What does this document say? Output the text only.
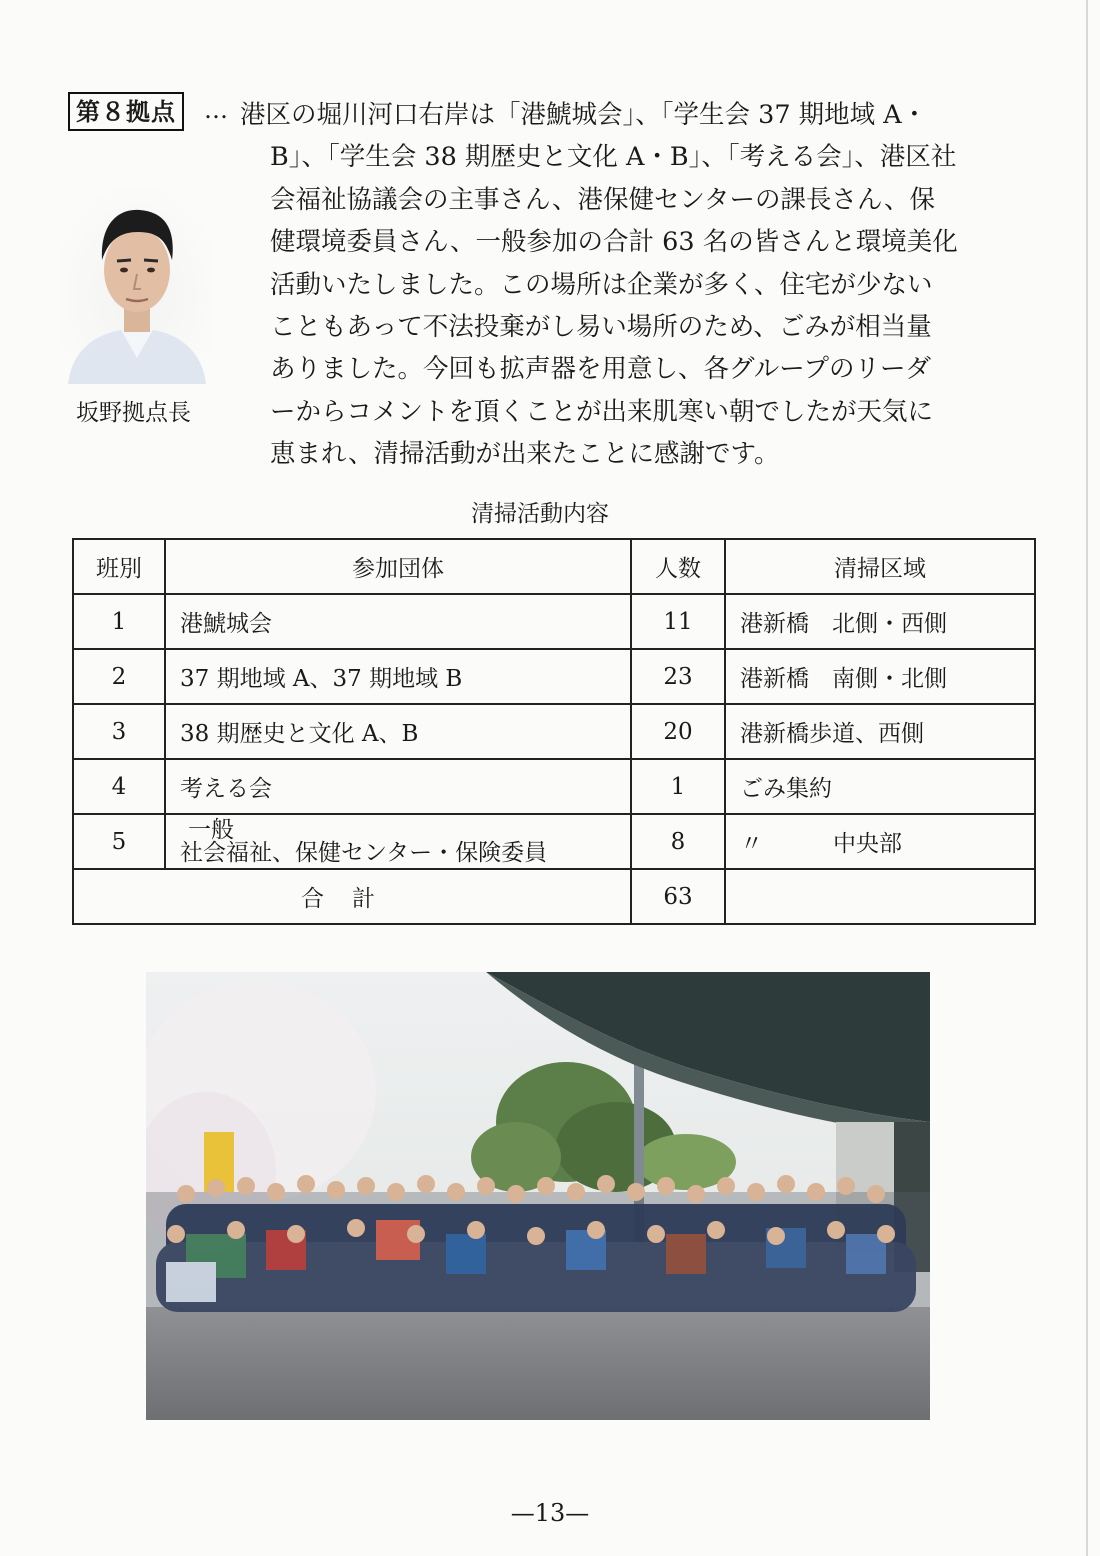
第８拠点	… 港区の堀川河口右岸は「港鯱城会」、「学生会 37 期地域 A・
B」、「学生会 38 期歴史と文化 A・B」、「考える会」、港区社
会福祉協議会の主事さん、港保健センターの課長さん、保
健環境委員さん、一般参加の合計 63 名の皆さんと環境美化
活動いたしました。この場所は企業が多く、住宅が少ない
こともあって不法投棄がし易い場所のため、ごみが相当量
ありました。今回も拡声器を用意し、各グループのリーダ
ーからコメントを頂くことが出来肌寒い朝でしたが天気に
恵まれ、清掃活動が出来たことに感謝です。
坂野拠点長
清掃活動内容
班別	参加団体	人数	清掃区域
1	港鯱城会	11	港新橋　北側・西側
2	37 期地域 A、37 期地域 B	23	港新橋　南側・北側
3	38 期歴史と文化 A、B	20	港新橋歩道、西側
4	考える会	1	ごみ集約
5	一般
社会福祉、保健センター・保険委員	8	〃 中央部
合計		63	
—13—
